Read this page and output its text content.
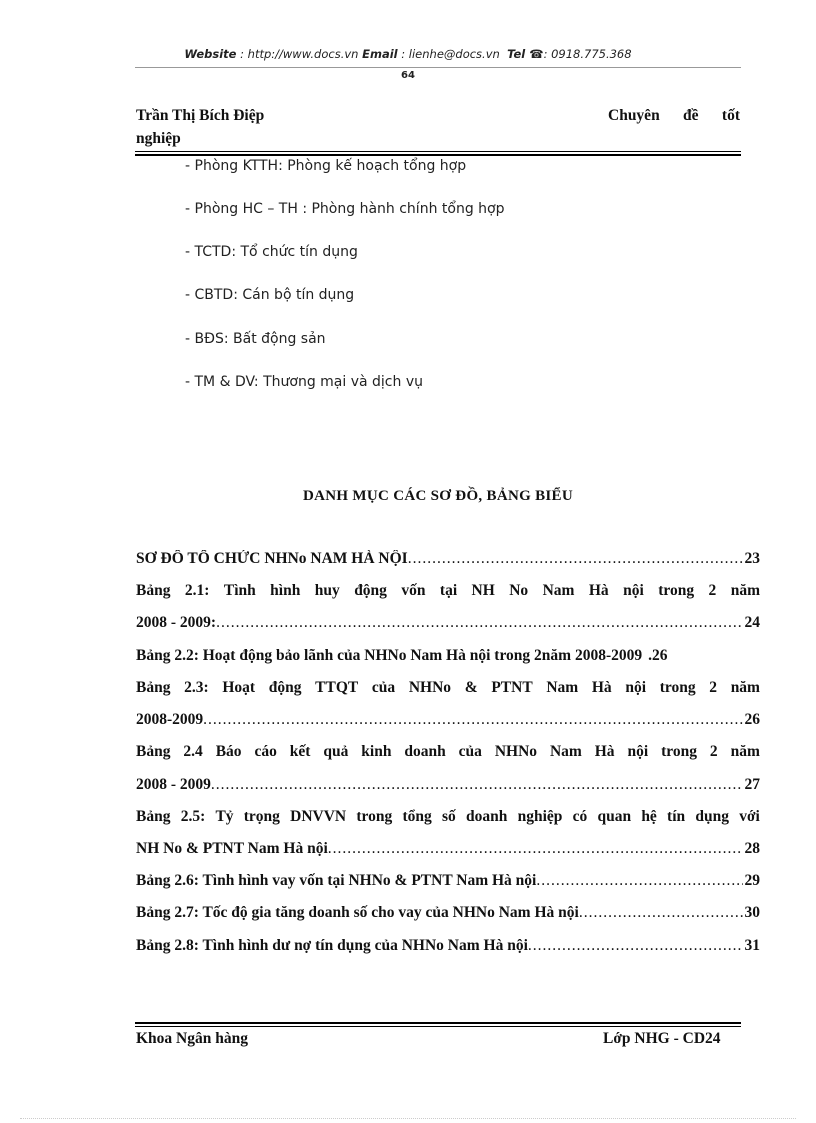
Website : http://www.docs.vn Email : lienhe@docs.vn Tel ☎: 0918.775.368
64
Trần Thị Bích Điệp	Chuyên đề tốt
nghiệp
- Phòng KTTH: Phòng kế hoạch tổng hợp
- Phòng HC – TH : Phòng hành chính tổng hợp
- TCTD: Tổ chức tín dụng
- CBTD: Cán bộ tín dụng
- BĐS: Bất động sản
- TM & DV: Thương mại và dịch vụ
DANH MỤC CÁC SƠ ĐỒ, BẢNG BIỂU
SƠ ĐỒ TỔ CHỨC NHNo NAM HÀ NỘI .....	23
Bảng 2.1: Tình hình huy động vốn tại NH No Nam Hà nội trong 2 năm
2008 - 2009: .....	24
Bảng 2.2: Hoạt động bảo lãnh của NHNo Nam Hà nội trong 2năm 2008-2009 .26
Bảng 2.3: Hoạt động TTQT của NHNo & PTNT Nam Hà nội trong 2 năm
2008-2009 .....	26
Bảng 2.4 Báo cáo kết quả kinh doanh của NHNo Nam Hà nội trong 2 năm
2008 - 2009 .....	27
Bảng 2.5: Tỷ trọng DNVVN trong tổng số doanh nghiệp có quan hệ tín dụng với
NH No & PTNT Nam Hà nội .....	28
Bảng 2.6: Tình hình vay vốn tại NHNo & PTNT Nam Hà nội .....	29
Bảng 2.7: Tốc độ gia tăng doanh số cho vay của NHNo Nam Hà nội .....	30
Bảng 2.8: Tình hình dư nợ tín dụng của NHNo Nam Hà nội .....	31
Khoa Ngân hàng	Lớp NHG - CD24
